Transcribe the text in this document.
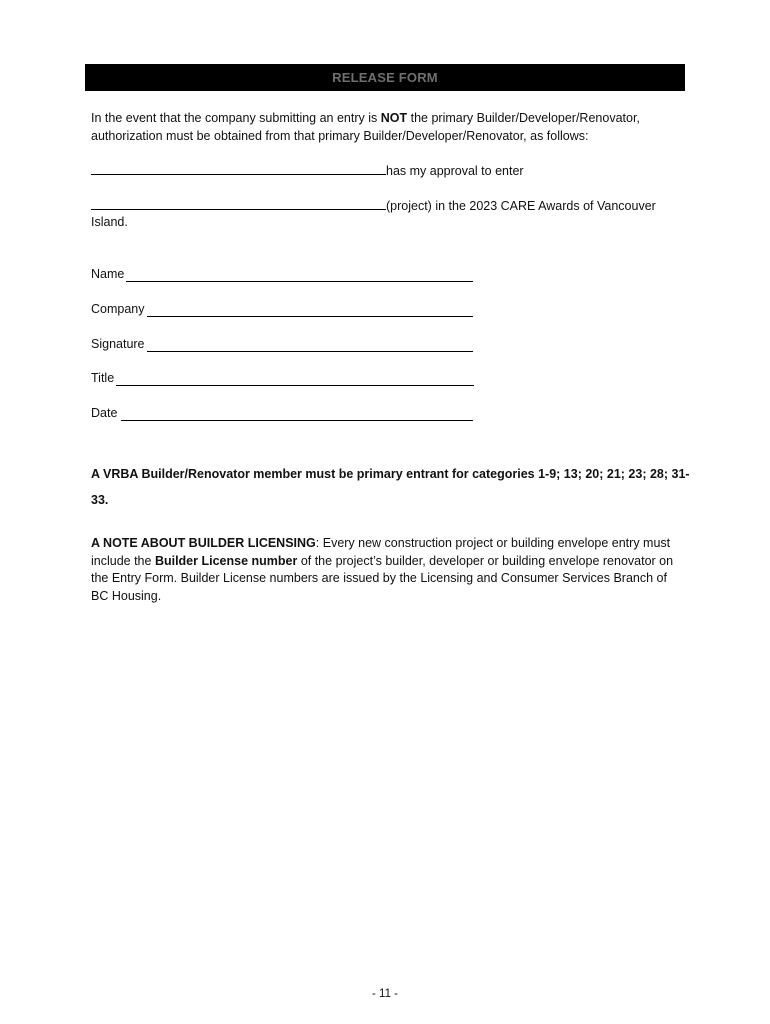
RELEASE FORM
In the event that the company submitting an entry is NOT the primary Builder/Developer/Renovator, authorization must be obtained from that primary Builder/Developer/Renovator, as follows:
has my approval to enter
(project) in the 2023 CARE Awards of Vancouver
Island.
Name
Company
Signature
Title
Date
A VRBA Builder/Renovator member must be primary entrant for categories 1-9; 13; 20; 21; 23; 28; 31-
33.
A NOTE ABOUT BUILDER LICENSING: Every new construction project or building envelope entry must include the Builder License number of the project’s builder, developer or building envelope renovator on the Entry Form. Builder License numbers are issued by the Licensing and Consumer Services Branch of BC Housing.
- 11 -
